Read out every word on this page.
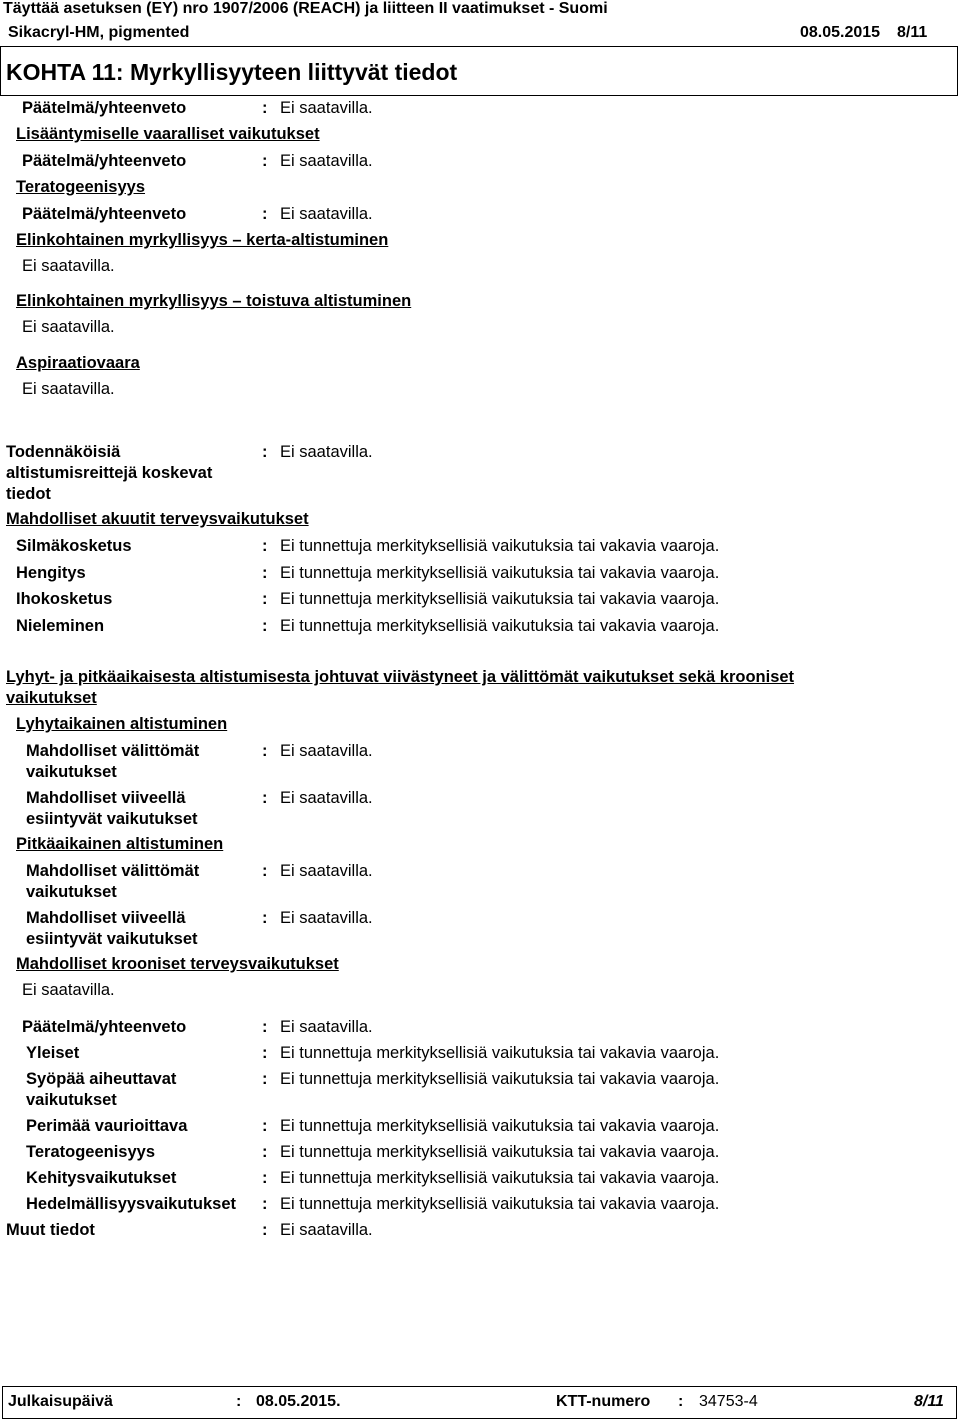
Täyttää asetuksen (EY) nro 1907/2006 (REACH) ja liitteen II vaatimukset - Suomi
Sikacryl-HM, pigmented	08.05.2015 8/11
KOHTA 11: Myrkyllisyyteen liittyvät tiedot
Päätelmä/yhteenveto	: Ei saatavilla.
Lisääntymiselle vaaralliset vaikutukset
Päätelmä/yhteenveto	: Ei saatavilla.
Teratogeenisyys
Päätelmä/yhteenveto	: Ei saatavilla.
Elinkohtainen myrkyllisyys – kerta-altistuminen
Ei saatavilla.
Elinkohtainen myrkyllisyys – toistuva altistuminen
Ei saatavilla.
Aspiraatiovaara
Ei saatavilla.
Todennäköisiä
altistumisreittejä koskevat
tiedot
: Ei saatavilla.
Mahdolliset akuutit terveysvaikutukset
Silmäkosketus	: Ei tunnettuja merkityksellisiä vaikutuksia tai vakavia vaaroja.
Hengitys	: Ei tunnettuja merkityksellisiä vaikutuksia tai vakavia vaaroja.
Ihokosketus	: Ei tunnettuja merkityksellisiä vaikutuksia tai vakavia vaaroja.
Nieleminen	: Ei tunnettuja merkityksellisiä vaikutuksia tai vakavia vaaroja.
Lyhyt- ja pitkäaikaisesta altistumisesta johtuvat viivästyneet ja välittömät vaikutukset sekä krooniset
vaikutukset
Lyhytaikainen altistuminen
Mahdolliset välittömät
vaikutukset
: Ei saatavilla.
Mahdolliset viiveellä
esiintyvät vaikutukset
: Ei saatavilla.
Pitkäaikainen altistuminen
Mahdolliset välittömät
vaikutukset
: Ei saatavilla.
Mahdolliset viiveellä
esiintyvät vaikutukset
: Ei saatavilla.
Mahdolliset krooniset terveysvaikutukset
Ei saatavilla.
Päätelmä/yhteenveto	: Ei saatavilla.
Yleiset	: Ei tunnettuja merkityksellisiä vaikutuksia tai vakavia vaaroja.
Syöpää aiheuttavat
vaikutukset
: Ei tunnettuja merkityksellisiä vaikutuksia tai vakavia vaaroja.
Perimää vaurioittava	: Ei tunnettuja merkityksellisiä vaikutuksia tai vakavia vaaroja.
Teratogeenisyys	: Ei tunnettuja merkityksellisiä vaikutuksia tai vakavia vaaroja.
Kehitysvaikutukset	: Ei tunnettuja merkityksellisiä vaikutuksia tai vakavia vaaroja.
Hedelmällisyysvaikutukset : Ei tunnettuja merkityksellisiä vaikutuksia tai vakavia vaaroja.
Muut tiedot	: Ei saatavilla.
Julkaisupäivä	: 08.05.2015.	KTT-numero : 34753-4	8/11
